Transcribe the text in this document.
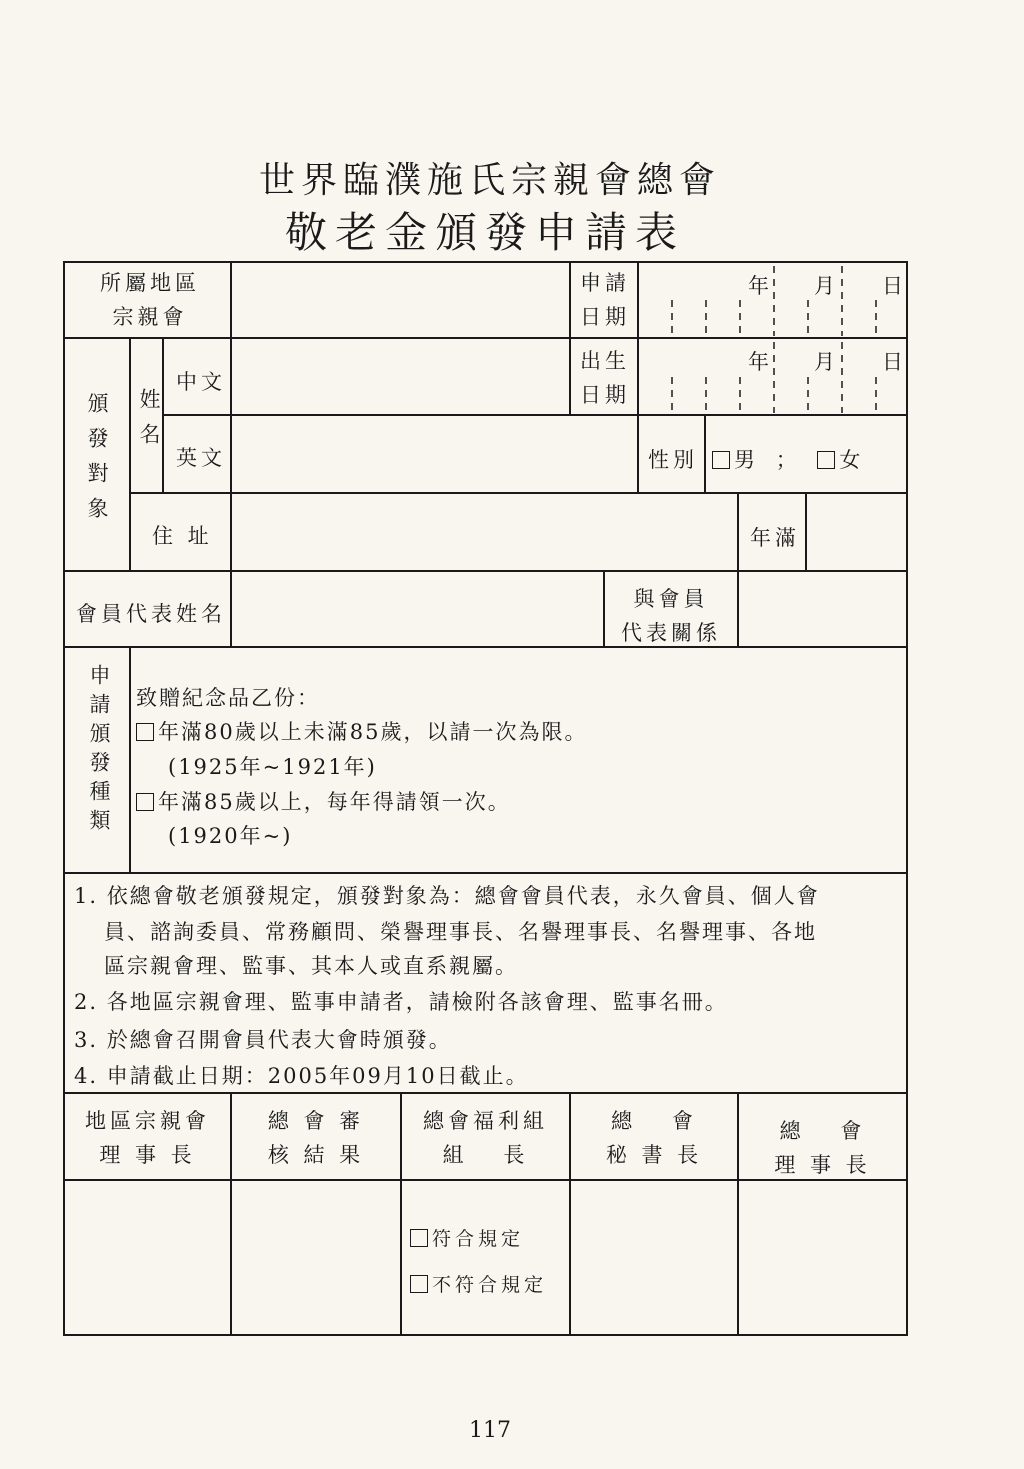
世界臨濮施氏宗親會總會
敬老金頒發申請表
所屬地區
宗親會
申請
日期
年 月 日
頒發對象 姓名
中文
英文
出生
日期
年 月 日
性別	男 ； 女
住 址	年滿
會員代表姓名
與會員
代表關係
申請頒發種類 致贈紀念品乙份：
年滿80歲以上未滿85歲，以請一次為限。
(1925年~1921年)
年滿85歲以上，每年得請領一次。
(1920年~)
1. 依總會敬老頒發規定，頒發對象為：總會會員代表，永久會員、個人會
員、諮詢委員、常務顧問、榮譽理事長、名譽理事長、名譽理事、各地
區宗親會理、監事、其本人或直系親屬。
2. 各地區宗親會理、監事申請者，請檢附各該會理、監事名冊。
3. 於總會召開會員代表大會時頒發。
4. 申請截止日期：2005年09月10日截止。
地區宗親會
理 事 長
總 會 審
核 結 果
總會福利組
組　 長
總　 會
秘 書 長
總　 會
理 事 長
符合規定
不符合規定
117
